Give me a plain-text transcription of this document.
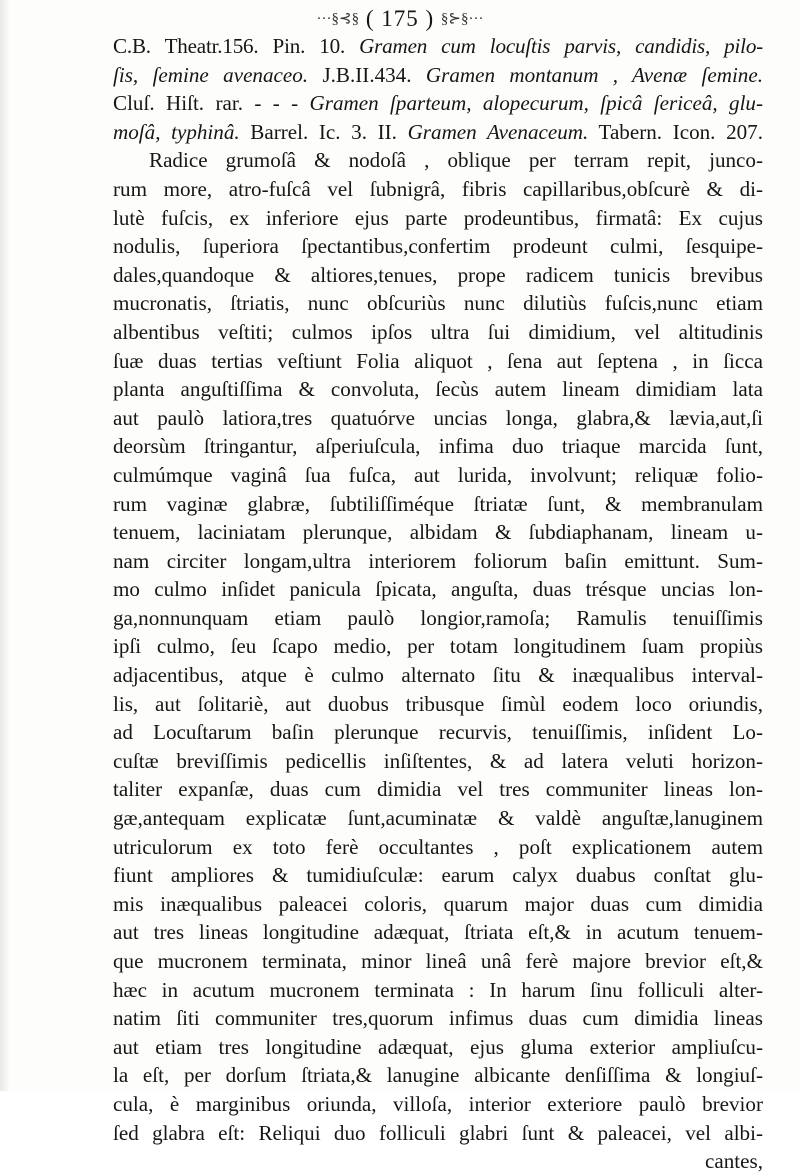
···§⊰§ ( 175 ) §⊱§···
C.B. Theatr.156. Pin. 10. Gramen cum locuſtis parvis, candidis, pilo-
ſis, ſemine avenaceo. J.B.II.434. Gramen montanum , Avenæ ſemine.
Cluſ. Hiſt. rar. - - - Gramen ſparteum, alopecurum, ſpicâ ſericeâ, glu-
moſâ, typhinâ. Barrel. Ic. 3. II. Gramen Avenaceum. Tabern. Icon. 207.
Radice grumoſâ & nodoſâ , oblique per terram repit, junco-
rum more, atro-fuſcâ vel ſubnigrâ, fibris capillaribus,obſcurè & di-
lutè fuſcis, ex inferiore ejus parte prodeuntibus, firmatâ: Ex cujus
nodulis, ſuperiora ſpectantibus,confertim prodeunt culmi, ſesquipe-
dales,quandoque & altiores,tenues, prope radicem tunicis brevibus
mucronatis, ſtriatis, nunc obſcuriùs nunc dilutiùs fuſcis,nunc etiam
albentibus veſtiti; culmos ipſos ultra ſui dimidium, vel altitudinis
ſuæ duas tertias veſtiunt Folia aliquot , ſena aut ſeptena , in ſicca
planta anguſtiſſima & convoluta, ſecùs autem lineam dimidiam lata
aut paulò latiora,tres quatuórve uncias longa, glabra,& lævia,aut,ſi
deorsùm ſtringantur, aſperiuſcula, infima duo triaque marcida ſunt,
culmúmque vaginâ ſua fuſca, aut lurida, involvunt; reliquæ folio-
rum vaginæ glabræ, ſubtiliſſiméque ſtriatæ ſunt, & membranulam
tenuem, laciniatam plerunque, albidam & ſubdiaphanam, lineam u-
nam circiter longam,ultra interiorem foliorum baſin emittunt. Sum-
mo culmo inſidet panicula ſpicata, anguſta, duas trésque uncias lon-
ga,nonnunquam etiam paulò longior,ramoſa; Ramulis tenuiſſimis
ipſi culmo, ſeu ſcapo medio, per totam longitudinem ſuam propiùs
adjacentibus, atque è culmo alternato ſitu & inæqualibus interval-
lis, aut ſolitariè, aut duobus tribusque ſimùl eodem loco oriundis,
ad Locuſtarum baſin plerunque recurvis, tenuiſſimis, inſident Lo-
cuſtæ breviſſimis pedicellis inſiſtentes, & ad latera veluti horizon-
taliter expanſæ, duas cum dimidia vel tres communiter lineas lon-
gæ,antequam explicatæ ſunt,acuminatæ & valdè anguſtæ,lanuginem
utriculorum ex toto ferè occultantes , poſt explicationem autem
fiunt ampliores & tumidiuſculæ: earum calyx duabus conſtat glu-
mis inæqualibus paleacei coloris, quarum major duas cum dimidia
aut tres lineas longitudine adæquat, ſtriata eſt,& in acutum tenuem-
que mucronem terminata, minor lineâ unâ ferè majore brevior eſt,&
hæc in acutum mucronem terminata : In harum ſinu folliculi alter-
natim ſiti communiter tres,quorum infimus duas cum dimidia lineas
aut etiam tres longitudine adæquat, ejus gluma exterior ampliuſcu-
la eſt, per dorſum ſtriata,& lanugine albicante denſiſſima & longiuſ-
cula, è marginibus oriunda, villoſa, interior exteriore paulò brevior
ſed glabra eſt: Reliqui duo folliculi glabri ſunt & paleacei, vel albi-
cantes,
